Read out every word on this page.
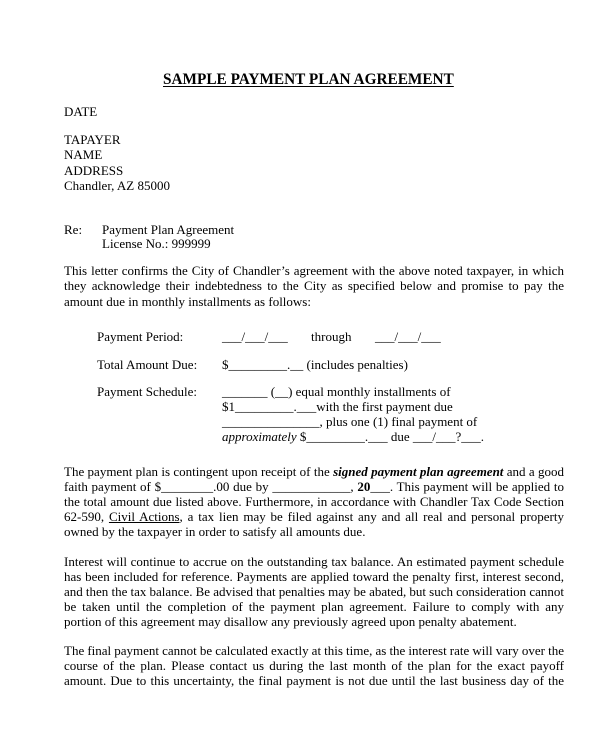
SAMPLE PAYMENT PLAN AGREEMENT
DATE
TAPAYER
NAME
ADDRESS
Chandler, AZ 85000
Re: Payment Plan Agreement
License No.: 999999
This letter confirms the City of Chandler’s agreement with the above noted taxpayer, in which
they acknowledge their indebtedness to the City as specified below and promise to pay the
amount due in monthly installments as follows:
Payment Period:	___/___/___ through ___/___/___
Total Amount Due: $_________.__ (includes penalties)
Payment Schedule: _______ (__) equal monthly installments of
$1_________.___with the first payment due
_______________, plus one (1) final payment of
approximately $_________.___ due ___/___?___.
The payment plan is contingent upon receipt of the signed payment plan agreement and a good
faith payment of $________.00 due by ____________, 20___. This payment will be applied to
the total amount due listed above. Furthermore, in accordance with Chandler Tax Code Section
62-590, Civil Actions, a tax lien may be filed against any and all real and personal property
owned by the taxpayer in order to satisfy all amounts due.
Interest will continue to accrue on the outstanding tax balance. An estimated payment schedule
has been included for reference. Payments are applied toward the penalty first, interest second,
and then the tax balance. Be advised that penalties may be abated, but such consideration cannot
be taken until the completion of the payment plan agreement. Failure to comply with any
portion of this agreement may disallow any previously agreed upon penalty abatement.
The final payment cannot be calculated exactly at this time, as the interest rate will vary over the
course of the plan. Please contact us during the last month of the plan for the exact payoff
amount. Due to this uncertainty, the final payment is not due until the last business day of the
